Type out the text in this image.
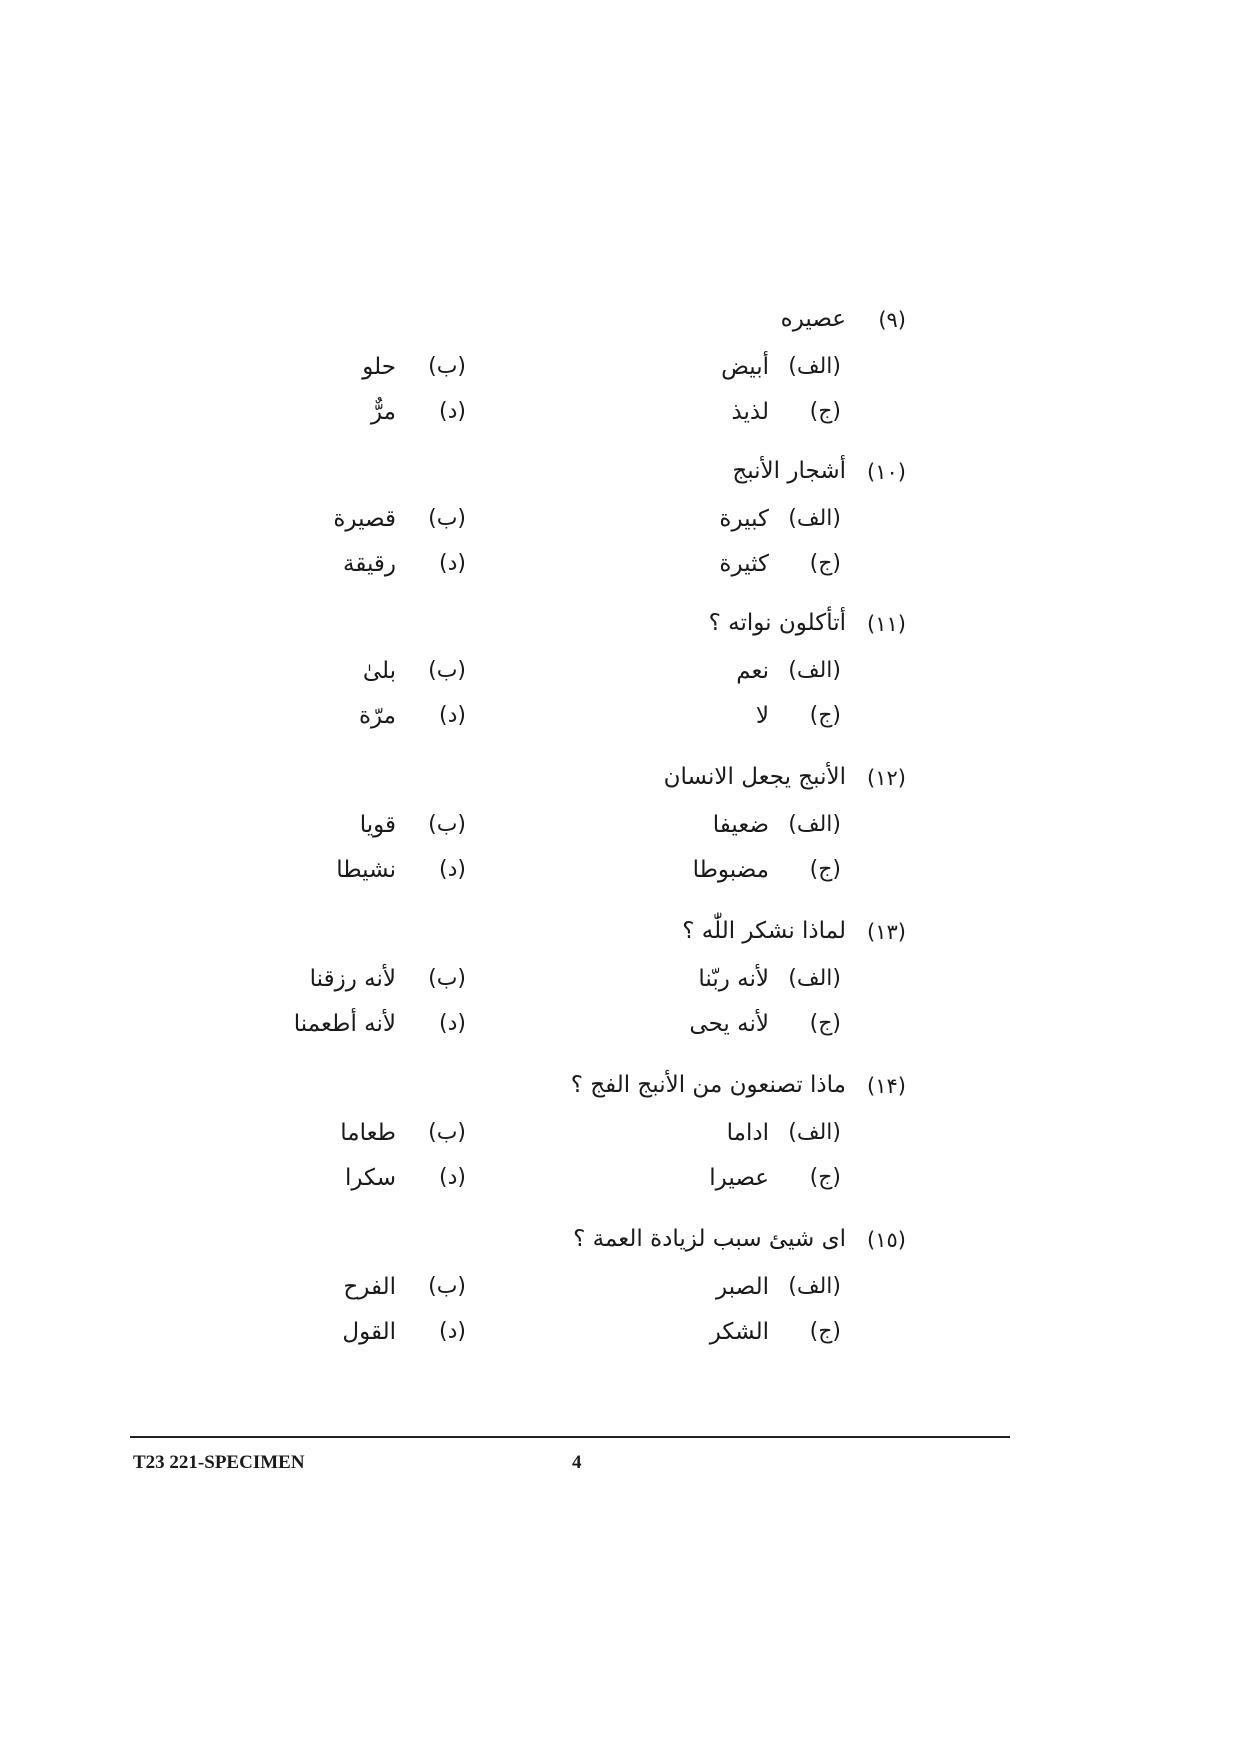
(٩)
عصيره
(الف)
أبيض
(ب)
حلو
(ج)
لذيذ
(د)
مرٌّ
(١٠)
أشجار الأنبج
(الف)
كبيرة
(ب)
قصيرة
(ج)
كثيرة
(د)
رقيقة
(١١)
أتأكلون نواته ؟
(الف)
نعم
(ب)
بلىٰ
(ج)
لا
(د)
مرّة
(١٢)
الأنبج يجعل الانسان
(الف)
ضعيفا
(ب)
قويا
(ج)
مضبوطا
(د)
نشيطا
(١٣)
لماذا نشكر اللّٰه ؟
(الف)
لأنه ربّنا
(ب)
لأنه رزقنا
(ج)
لأنه يحى
(د)
لأنه أطعمنا
(١۴)
ماذا تصنعون من الأنبج الفج ؟
(الف)
اداما
(ب)
طعاما
(ج)
عصيرا
(د)
سكرا
(١٥)
اى شيئ سبب لزيادة العمة ؟
(الف)
الصبر
(ب)
الفرح
(ج)
الشكر
(د)
القول
T23 221-SPECIMEN	4
